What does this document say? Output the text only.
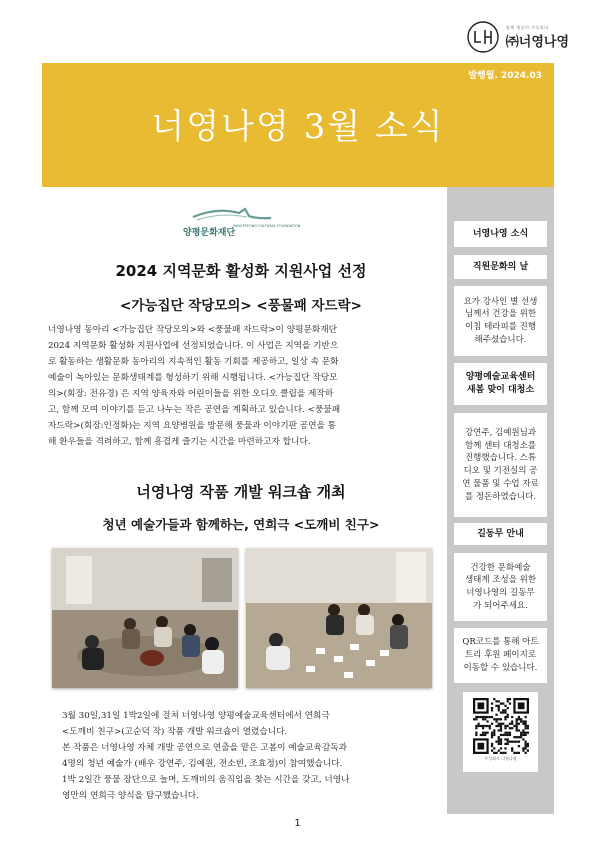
함께 예술이 가득하다
㈜너영나영
발행월. 2024.03
너영나영 3월 소식
양평문화재단
YANGPYEONG CULTURAL FOUNDATION
2024 지역문화 활성화 지원사업 선정
<가능집단 작당모의> <풍물패 자드락>
너영나영 동아리 <가능집단 작당모의>와 <풍물패 자드락>이 양평문화재단
2024 지역문화 활성화 지원사업에 선정되었습니다. 이 사업은 지역을 기반으
로 활동하는 생활문화 동아리의 지속적인 활동 기회를 제공하고, 일상 속 문화
예술이 녹아있는 문화생태계를 형성하기 위해 시행됩니다. <가능집단 작당모
의>(회장: 전유경) 은 지역 양육자와 어린이들을 위한 오디오 클립을 제작하
고, 함께 모여 이야기를 듣고 나누는 작은 공연을 계획하고 있습니다. <풍물패
자드락>(회장:인정화)는 지역 요양병원을 방문해 풍물과 이야기판 공연을 통
해 환우들을 격려하고, 함께 흥겹게 즐기는 시간을 마련하고자 합니다.
너영나영 작품 개발 워크숍 개최
청년 예술가들과 함께하는, 연희극 <도깨비 친구>
3월 30일,31일 1박2일에 걸쳐 너영나영 양평예술교육센터에서 연희극
<도깨비 친구>(고순덕 작) 작품 개발 워크숍이 열렸습니다.
본 작품은 너영나영 자체 개발 공연으로 연출을 맡은 고봄이 예술교육감독과
4명의 청년 예술가 (배우 강연주, 김예원, 전소빈, 조효정)이 참여했습니다.
1박 2일간 풍물 장단으로 놀며, 도깨비의 움직임을 찾는 시간을 갖고, 너영나
영만의 연희극 양식을 탐구했습니다.
너영나영 소식
직원문화의 날
요가 강사인 별 선생
님께서 건강을 위한
이침 테라피를 진행
해주셨습니다.
양평예술교육센터
새봄 맞이 대청소
강연주, 김예원님과
함께 센터 대청소를
진행했습니다. 스튜
디오 및 기전실의 공
연 물품 및 수업 자료
를 정돈하였습니다.
길동무 안내
건강한 문화예술
생태계 조성을 위한
너영나영의 길동무
가 되어주세요.
QR코드를 통해 아트
트리 후원 페이지로
이동할 수 있습니다.
주식회사 너영나영
1
